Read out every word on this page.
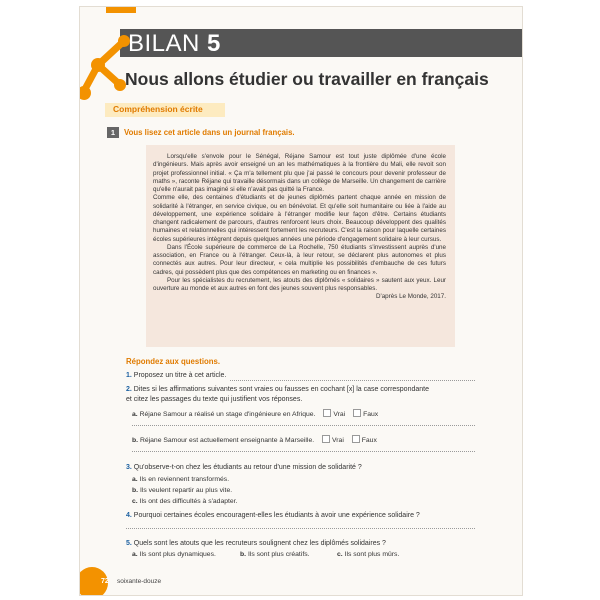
BILAN 5
Nous allons étudier ou travailler en français
Compréhension écrite
1	Vous lisez cet article dans un journal français.

Lorsqu'elle s'envole pour le Sénégal, Réjane Samour est tout juste diplômée d'une école d'ingénieurs. Mais après avoir enseigné un an les mathématiques à la frontière du Mali, elle revoit son projet professionnel initial. « Ça m'a tellement plu que j'ai passé le concours pour devenir professeur de maths », raconte Réjane qui travaille désormais dans un collège de Marseille. Un changement de carrière qu'elle n'aurait pas imaginé si elle n'avait pas quitté la France.

Comme elle, des centaines d'étudiants et de jeunes diplômés partent chaque année en mission de solidarité à l'étranger, en service civique, ou en bénévolat. Et qu'elle soit humanitaire ou liée à l'aide au développement, une expérience solidaire à l'étranger modifie leur façon d'être. Certains étudiants changent radicalement de parcours, d'autres renforcent leurs choix. Beaucoup développent des qualités humaines et relationnelles qui intéressent fortement les recruteurs. C'est la raison pour laquelle certaines écoles supérieures intègrent depuis quelques années une période d'engagement solidaire à leur cursus.

Dans l'École supérieure de commerce de La Rochelle, 750 étudiants s'investissent auprès d'une association, en France ou à l'étranger. Ceux-là, à leur retour, se déclarent plus autonomes et plus connectés aux autres. Pour leur directeur, « cela multiplie les possibilités d'embauche de ces futurs cadres, qui possèdent plus que des compétences en marketing ou en finances ».

Pour les spécialistes du recrutement, les atouts des diplômés « solidaires » sautent aux yeux. Leur ouverture au monde et aux autres en font des jeunes souvent plus responsables.

D'après Le Monde, 2017.

Répondez aux questions.
1. Proposez un titre à cet article.
2. Dites si les affirmations suivantes sont vraies ou fausses en cochant [x] la case correspondante
et citez les passages du texte qui justifient vos réponses.
a. Réjane Samour a réalisé un stage d'ingénieure en Afrique.	Vrai	Faux
b. Réjane Samour est actuellement enseignante à Marseille.	Vrai	Faux
3. Qu'observe-t-on chez les étudiants au retour d'une mission de solidarité ?
a. Ils en reviennent transformés.
b. Ils veulent repartir au plus vite.
c. Ils ont des difficultés à s'adapter.
4. Pourquoi certaines écoles encouragent-elles les étudiants à avoir une expérience solidaire ?
5. Quels sont les atouts que les recruteurs soulignent chez les diplômés solidaires ?
a. Ils sont plus dynamiques.	b. Ils sont plus créatifs.	c. Ils sont plus mûrs.
72 soixante-douze
